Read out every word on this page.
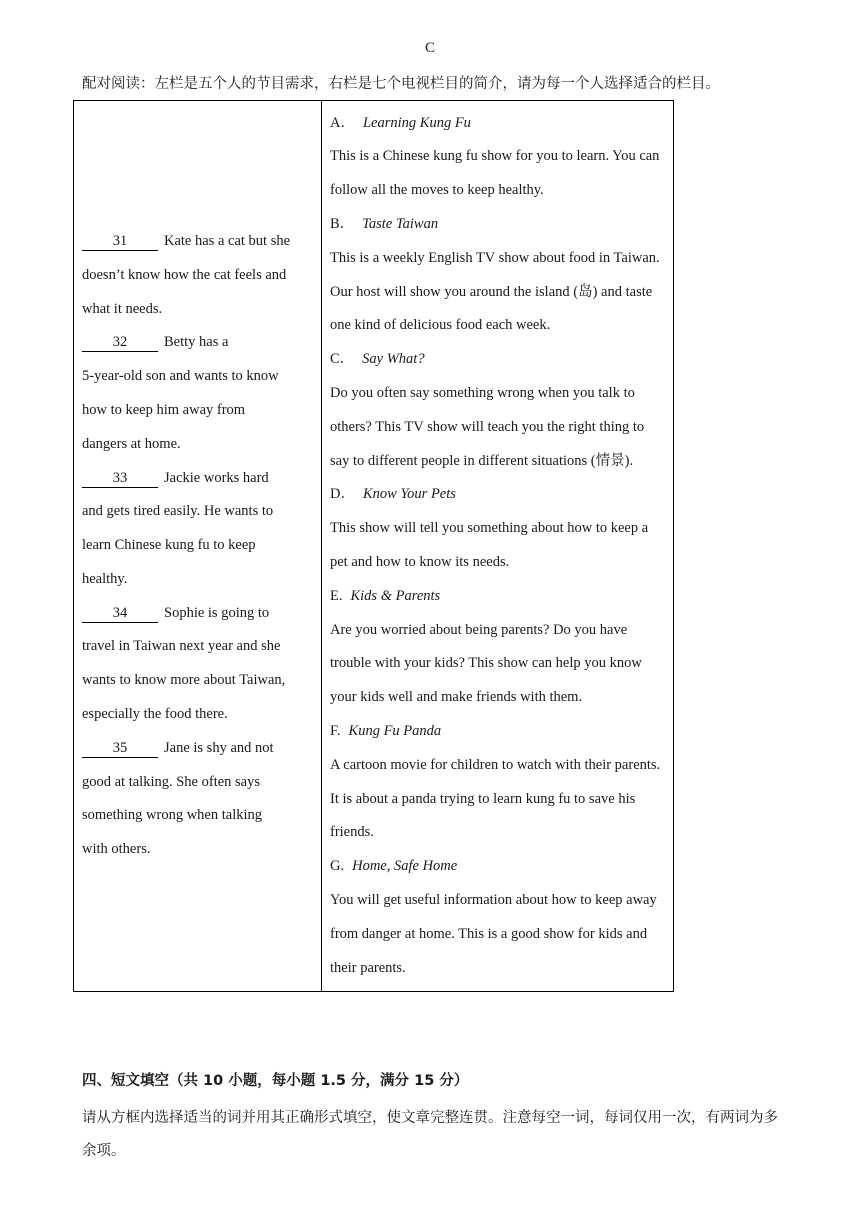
C
配对阅读：左栏是五个人的节目需求，右栏是七个电视栏目的简介，请为每一个人选择适合的栏目。
31	Kate has a cat but she
doesn’t know how the cat feels and
what it needs.
32	Betty has a
5-year-old son and wants to know
how to keep him away from
dangers at home.
33	Jackie works hard
and gets tired easily. He wants to
learn Chinese kung fu to keep
healthy.
34	Sophie is going to
travel in Taiwan next year and she
wants to know more about Taiwan,
especially the food there.
35	Jane is shy and not
good at talking. She often says
something wrong when talking
with others.

A． Learning Kung Fu
This is a Chinese kung fu show for you to learn. You can
follow all the moves to keep healthy.
B． Taste Taiwan
This is a weekly English TV show about food in Taiwan.
Our host will show you around the island (岛) and taste
one kind of delicious food each week.
C． Say What?
Do you often say something wrong when you talk to
others? This TV show will teach you the right thing to
say to different people in different situations (情景).
D． Know Your Pets
This show will tell you something about how to keep a
pet and how to know its needs.
E. Kids & Parents
Are you worried about being parents? Do you have
trouble with your kids? This show can help you know
your kids well and make friends with them.
F. Kung Fu Panda
A cartoon movie for children to watch with their parents.
It is about a panda trying to learn kung fu to save his
friends.
G. Home, Safe Home
You will get useful information about how to keep away
from danger at home. This is a good show for kids and
their parents.
四、短文填空（共 10 小题，每小题 1.5 分，满分 15 分）
请从方框内选择适当的词并用其正确形式填空，使文章完整连贯。注意每空一词，每词仅用一次，有两词为多余项。
